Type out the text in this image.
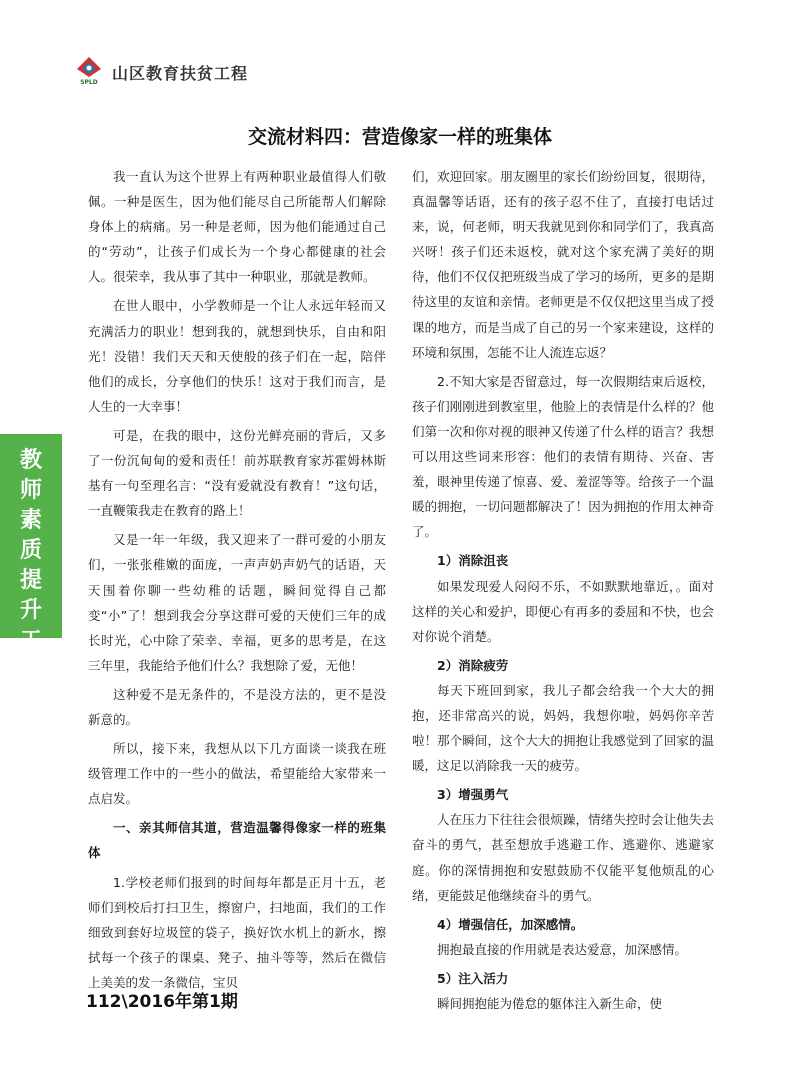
SPLD 山区教育扶贫工程
交流材料四：营造像家一样的班集体
教
师
素
质
提
升
工
程

我一直认为这个世界上有两种职业最值得人们敬佩。一种是医生，因为他们能尽自己所能帮人们解除身体上的病痛。另一种是老师，因为他们能通过自己的“劳动”，让孩子们成长为一个身心都健康的社会人。很荣幸，我从事了其中一种职业，那就是教师。

在世人眼中，小学教师是一个让人永远年轻而又充满活力的职业！想到我的，就想到快乐，自由和阳光！没错！我们天天和天使般的孩子们在一起，陪伴他们的成长，分享他们的快乐！这对于我们而言，是人生的一大幸事！

可是，在我的眼中，这份光鲜亮丽的背后，又多了一份沉甸甸的爱和责任！前苏联教育家苏霍姆林斯基有一句至理名言：“没有爱就没有教育！”这句话，一直鞭策我走在教育的路上！

又是一年一年级，我又迎来了一群可爱的小朋友们，一张张稚嫩的面庞，一声声奶声奶气的话语，天天围着你聊一些幼稚的话题，瞬间觉得自己都变“小”了！想到我会分享这群可爱的天使们三年的成长时光，心中除了荣幸、幸福，更多的思考是，在这三年里，我能给予他们什么？我想除了爱，无他！

这种爱不是无条件的，不是没方法的，更不是没新意的。

所以，接下来，我想从以下几方面谈一谈我在班级管理工作中的一些小的做法，希望能给大家带来一点启发。

一、亲其师信其道，营造温馨得像家一样的班集体

1.学校老师们报到的时间每年都是正月十五，老师们到校后打扫卫生，擦窗户，扫地面，我们的工作细致到套好垃圾筐的袋子，换好饮水机上的新水，擦拭每一个孩子的课桌、凳子、抽斗等等，然后在微信上美美的发一条微信，宝贝

们，欢迎回家。朋友圈里的家长们纷纷回复，很期待，真温馨等话语，还有的孩子忍不住了，直接打电话过来，说，何老师，明天我就见到你和同学们了，我真高兴呀！孩子们还未返校，就对这个家充满了美好的期待，他们不仅仅把班级当成了学习的场所，更多的是期待这里的友谊和亲情。老师更是不仅仅把这里当成了授课的地方，而是当成了自己的另一个家来建设，这样的环境和氛围，怎能不让人流连忘返？

2.不知大家是否留意过，每一次假期结束后返校，孩子们刚刚进到教室里，他脸上的表情是什么样的？他们第一次和你对视的眼神又传递了什么样的语言？我想可以用这些词来形容：他们的表情有期待、兴奋、害羞，眼神里传递了惊喜、爱、羞涩等等。给孩子一个温暖的拥抱，一切问题都解决了！因为拥抱的作用太神奇了。

1）消除沮丧

如果发现爱人闷闷不乐，不如默默地靠近，。面对这样的关心和爱护，即便心有再多的委屈和不快，也会对你说个消楚。

2）消除疲劳

每天下班回到家，我儿子都会给我一个大大的拥抱，还非常高兴的说，妈妈，我想你啦，妈妈你辛苦啦！那个瞬间，这个大大的拥抱让我感觉到了回家的温暖，这足以消除我一天的疲劳。

3）增强勇气

人在压力下往往会很烦躁，情绪失控时会让他失去奋斗的勇气，甚至想放手逃避工作、逃避你、逃避家庭。你的深情拥抱和安慰鼓励不仅能平复他烦乱的心绪，更能鼓足他继续奋斗的勇气。

4）增强信任，加深感情。

拥抱最直接的作用就是表达爱意，加深感情。

5）注入活力

瞬间拥抱能为倦怠的躯体注入新生命，使

112\2016年第1期
